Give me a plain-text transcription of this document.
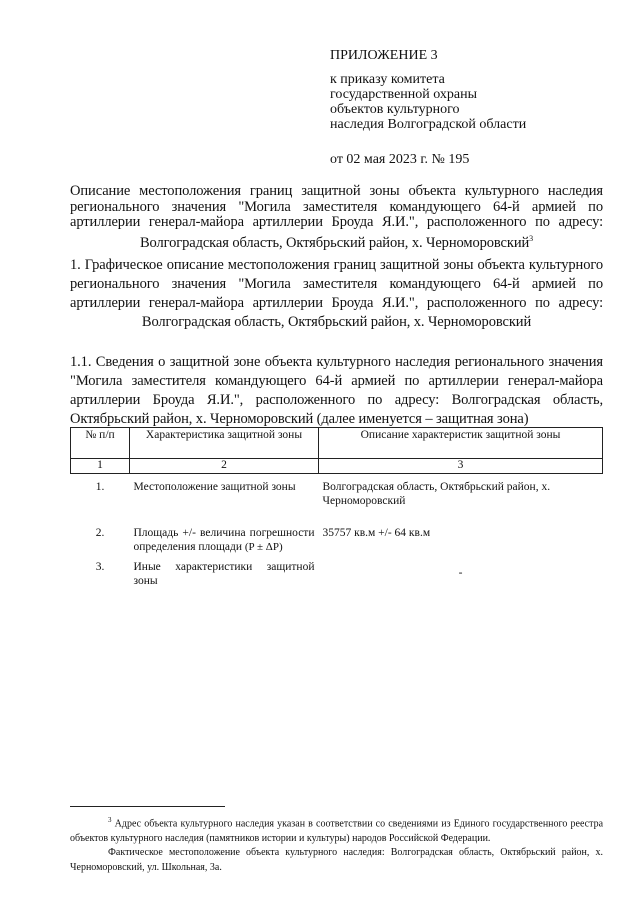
ПРИЛОЖЕНИЕ 3
к приказу комитета
государственной охраны
объектов культурного
наследия Волгоградской области
от 02 мая 2023 г. № 195
Описание местоположения границ защитной зоны объекта культурного наследия регионального значения "Могила заместителя командующего 64-й армией по артиллерии генерал-майора артиллерии Броуда Я.И.", расположенного по адресу: Волгоградская область, Октябрьский район, х. Черноморовский$^3$
1. Графическое описание местоположения границ защитной зоны объекта культурного регионального значения "Могила заместителя командующего 64-й армией по артиллерии генерал-майора артиллерии Броуда Я.И.", расположенного по адресу: Волгоградская область, Октябрьский район, х. Черноморовский
1.1. Сведения о защитной зоне объекта культурного наследия регионального значения "Могила заместителя командующего 64-й армией по артиллерии генерал-майора артиллерии Броуда Я.И.", расположенного по адресу: Волгоградская область, Октябрьский район, х. Черноморовский (далее именуется – защитная зона)
№ п/п	Характеристика защитной зоны	Описание характеристик защитной зоны
1	2	3
1.	Местоположение защитной зоны	Волгоградская область, Октябрьский район, х. Черноморовский
2.	Площадь +/- величина погрешности определения площади (P ± ΔP)	35757 кв.м +/- 64 кв.м
3.	Иные характеристики защитной зоны	-

$^3$ Адрес объекта культурного наследия указан в соответствии со сведениями из Единого государственного реестра объектов культурного наследия (памятников истории и культуры) народов Российской Федерации.

Фактическое местоположение объекта культурного наследия: Волгоградская область, Октябрьский район, х. Черноморовский, ул. Школьная, 3а.
